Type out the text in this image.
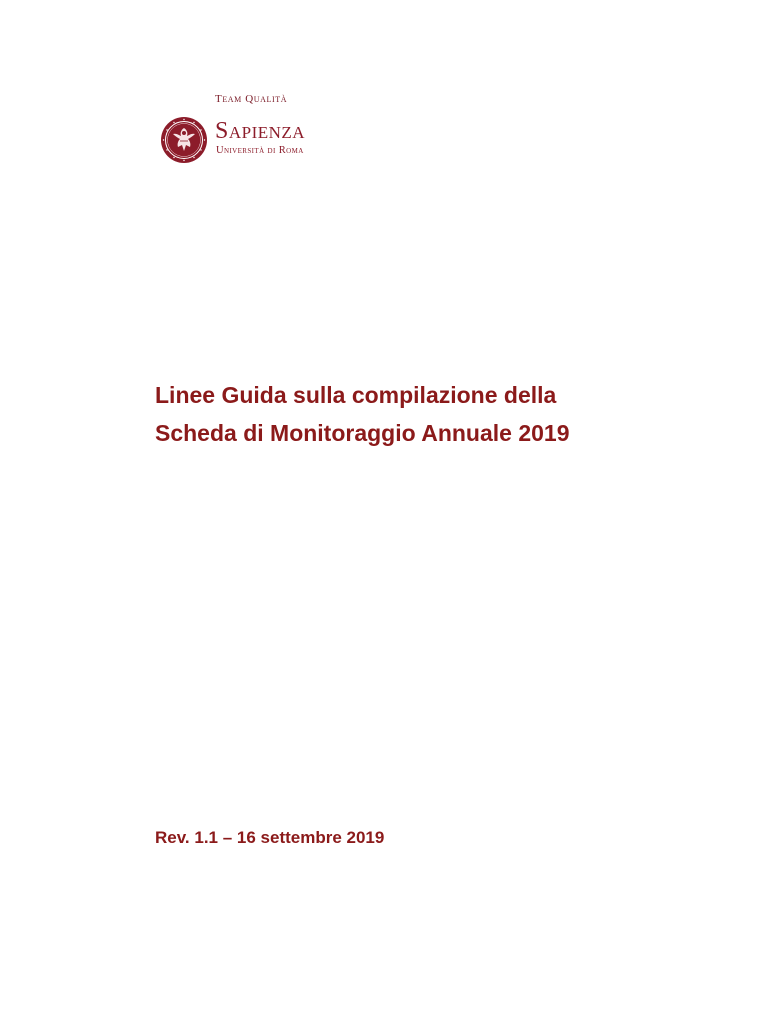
Team Qualità
Sapienza
Università di Roma
Linee Guida sulla compilazione della
Scheda di Monitoraggio Annuale 2019
Rev. 1.1 – 16 settembre 2019
